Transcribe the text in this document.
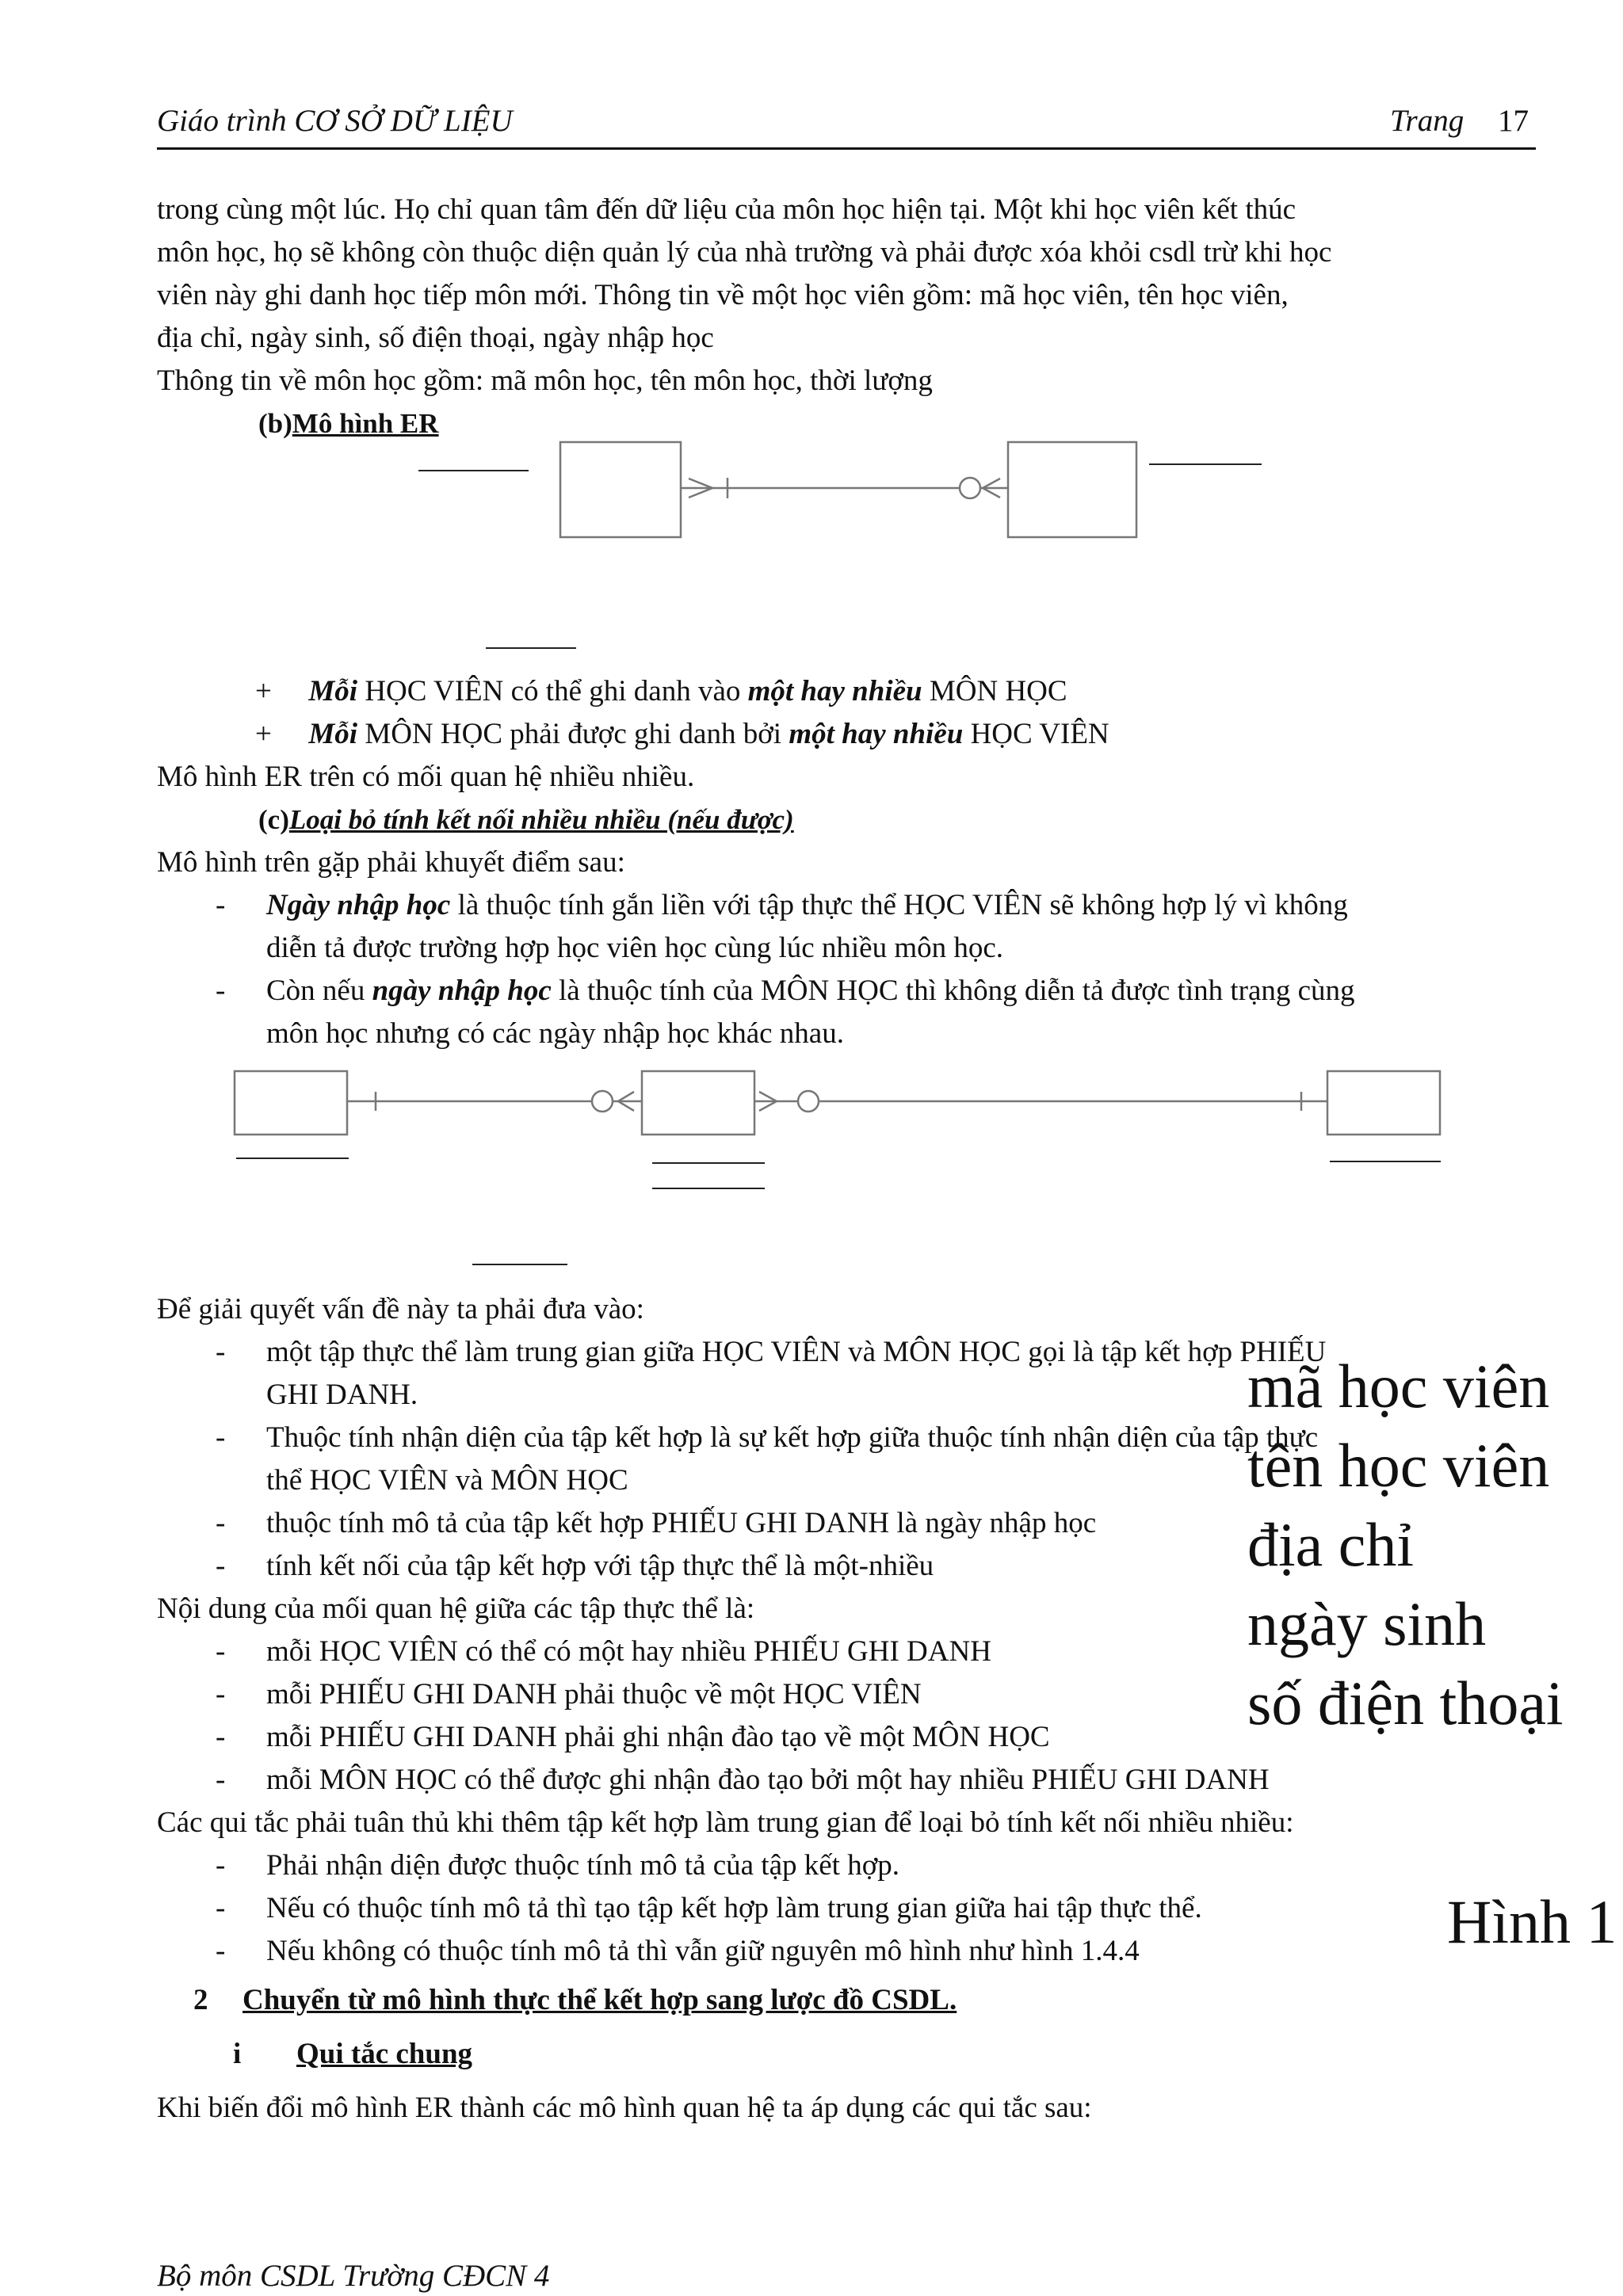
Giáo trình CƠ SỞ DỮ LIỆU	Trang 17
trong cùng một lúc. Họ chỉ quan tâm đến dữ liệu của môn học hiện tại. Một khi học viên kết thúc
môn học, họ sẽ không còn thuộc diện quản lý của nhà trường và phải được xóa khỏi csdl trừ khi học
viên này ghi danh học tiếp môn mới. Thông tin về một học viên gồm: mã học viên, tên học viên,
địa chỉ, ngày sinh, số điện thoại, ngày nhập học
Thông tin về môn học gồm: mã môn học, tên môn học, thời lượng
(b)Mô hình ER
+ Mỗi HỌC VIÊN có thể ghi danh vào một hay nhiều MÔN HỌC
+ Mỗi MÔN HỌC phải được ghi danh bởi một hay nhiều HỌC VIÊN
Mô hình ER trên có mối quan hệ nhiều nhiều.
(c)Loại bỏ tính kết nối nhiều nhiều (nếu được)
Mô hình trên gặp phải khuyết điểm sau:
- Ngày nhập học là thuộc tính gắn liền với tập thực thể HỌC VIÊN sẽ không hợp lý vì không
diễn tả được trường hợp học viên học cùng lúc nhiều môn học.
- Còn nếu ngày nhập học là thuộc tính của MÔN HỌC thì không diễn tả được tình trạng cùng
môn học nhưng có các ngày nhập học khác nhau.
Để giải quyết vấn đề này ta phải đưa vào:
- một tập thực thể làm trung gian giữa HỌC VIÊN và MÔN HỌC gọi là tập kết hợp PHIẾU
GHI DANH.
- Thuộc tính nhận diện của tập kết hợp là sự kết hợp giữa thuộc tính nhận diện của tập thực
thể HỌC VIÊN và MÔN HỌC
- thuộc tính mô tả của tập kết hợp PHIẾU GHI DANH là ngày nhập học
- tính kết nối của tập kết hợp với tập thực thể là một-nhiều
Nội dung của mối quan hệ giữa các tập thực thể là:
- mỗi HỌC VIÊN có thể có một hay nhiều PHIẾU GHI DANH
- mỗi PHIẾU GHI DANH phải thuộc về một HỌC VIÊN
- mỗi PHIẾU GHI DANH phải ghi nhận đào tạo về một MÔN HỌC
- mỗi MÔN HỌC có thể được ghi nhận đào tạo bởi một hay nhiều PHIẾU GHI DANH
Các qui tắc phải tuân thủ khi thêm tập kết hợp làm trung gian để loại bỏ tính kết nối nhiều nhiều:
- Phải nhận diện được thuộc tính mô tả của tập kết hợp.
- Nếu có thuộc tính mô tả thì tạo tập kết hợp làm trung gian giữa hai tập thực thể.
- Nếu không có thuộc tính mô tả thì vẫn giữ nguyên mô hình như hình 1.4.4
2 Chuyển từ mô hình thực thể kết hợp sang lược đồ CSDL.
i Qui tắc chung
Khi biến đổi mô hình ER thành các mô hình quan hệ ta áp dụng các qui tắc sau:
mã học viên
tên học viên
địa chỉ
ngày sinh
số điện thoại
Hình 1
Bộ môn CSDL Trường CĐCN 4
